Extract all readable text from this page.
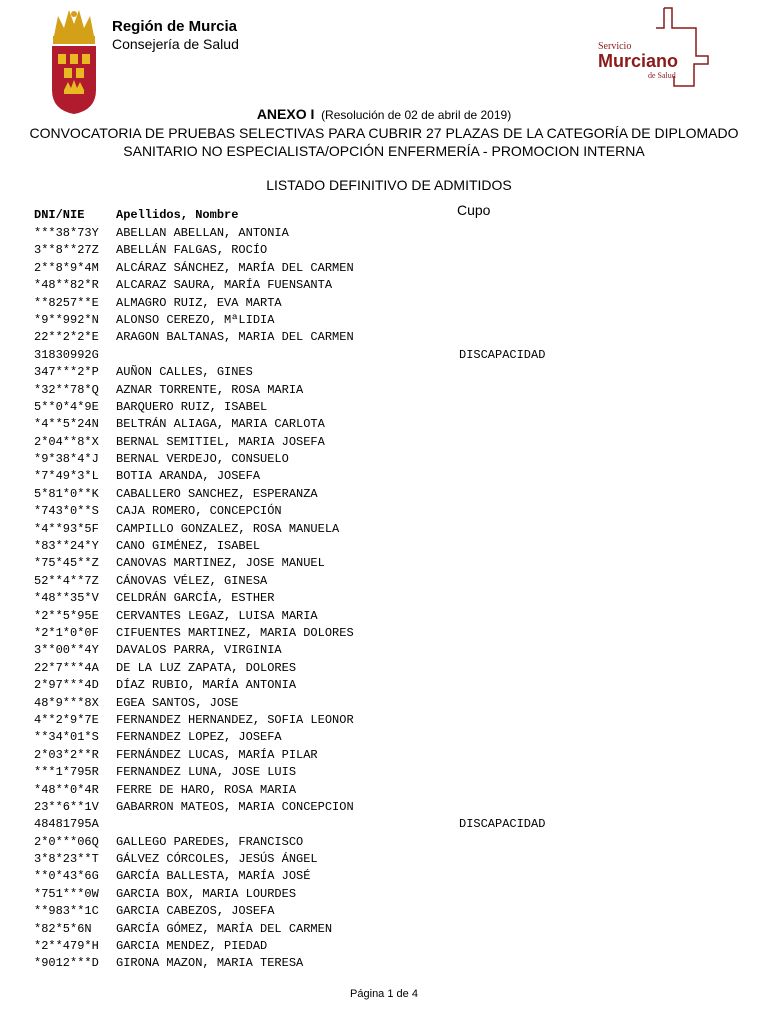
Región de Murcia
Consejería de Salud	Servicio
Murciano
de Salud
ANEXO I (Resolución de 02 de abril de 2019)
CONVOCATORIA DE PRUEBAS SELECTIVAS PARA CUBRIR 27 PLAZAS DE LA CATEGORÍA DE DIPLOMADO
SANITARIO NO ESPECIALISTA/OPCIÓN ENFERMERÍA - PROMOCION INTERNA
LISTADO DEFINITIVO DE ADMITIDOS
Cupo
DNI/NIE	Apellidos, Nombre
***38*73Y ABELLAN ABELLAN, ANTONIA
3**8**27Z ABELLÁN FALGAS, ROCÍO
2**8*9*4M ALCÁRAZ SÁNCHEZ, MARÍA DEL CARMEN
*48**82*R ALCARAZ SAURA, MARÍA FUENSANTA
**8257**E ALMAGRO RUIZ, EVA MARTA
*9**992*N ALONSO CEREZO, MªLIDIA
22**2*2*E ARAGON BALTANAS, MARIA DEL CARMEN
31830992G	DISCAPACIDAD
347***2*P AUÑON CALLES, GINES
*32**78*Q AZNAR TORRENTE, ROSA MARIA
5**0*4*9E BARQUERO RUIZ, ISABEL
*4**5*24N BELTRÁN ALIAGA, MARIA CARLOTA
2*04**8*X BERNAL SEMITIEL, MARIA JOSEFA
*9*38*4*J BERNAL VERDEJO, CONSUELO
*7*49*3*L BOTIA ARANDA, JOSEFA
5*81*0**K CABALLERO SANCHEZ, ESPERANZA
*743*0**S CAJA ROMERO, CONCEPCIÓN
*4**93*5F CAMPILLO GONZALEZ, ROSA MANUELA
*83**24*Y CANO GIMÉNEZ, ISABEL
*75*45**Z CANOVAS MARTINEZ, JOSE MANUEL
52**4**7Z CÁNOVAS VÉLEZ, GINESA
*48**35*V CELDRÁN GARCÍA, ESTHER
*2**5*95E CERVANTES LEGAZ, LUISA MARIA
*2*1*0*0F CIFUENTES MARTINEZ, MARIA DOLORES
3**00**4Y DAVALOS PARRA, VIRGINIA
22*7***4A DE LA LUZ ZAPATA, DOLORES
2*97***4D DÍAZ RUBIO, MARÍA ANTONIA
48*9***8X EGEA SANTOS, JOSE
4**2*9*7E FERNANDEZ HERNANDEZ, SOFIA LEONOR
**34*01*S FERNANDEZ LOPEZ, JOSEFA
2*03*2**R FERNÁNDEZ LUCAS, MARÍA PILAR
***1*795R FERNANDEZ LUNA, JOSE LUIS
*48**0*4R FERRE DE HARO, ROSA MARIA
23**6**1V GABARRON MATEOS, MARIA CONCEPCION
48481795A	DISCAPACIDAD
2*0***06Q GALLEGO PAREDES, FRANCISCO
3*8*23**T GÁLVEZ CÓRCOLES, JESÚS ÁNGEL
**0*43*6G GARCÍA BALLESTA, MARÍA JOSÉ
*751***0W GARCIA BOX, MARIA LOURDES
**983**1C GARCIA CABEZOS, JOSEFA
*82*5*6N GARCÍA GÓMEZ, MARÍA DEL CARMEN
*2**479*H GARCIA MENDEZ, PIEDAD
*9012***D GIRONA MAZON, MARIA TERESA
Página 1 de 4
